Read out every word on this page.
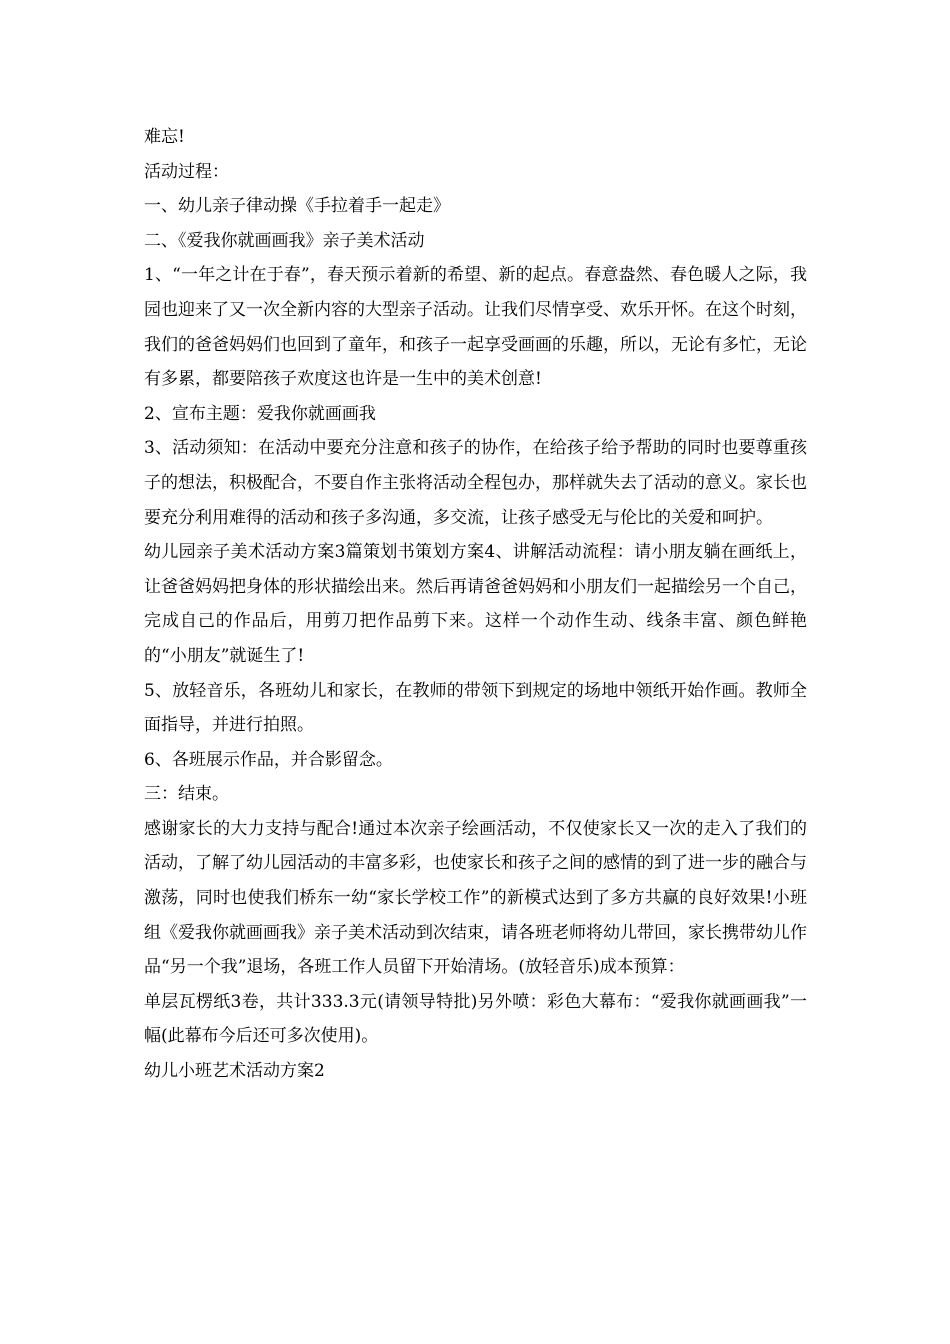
难忘!

活动过程：

一、幼儿亲子律动操《手拉着手一起走》

二、《爱我你就画画我》亲子美术活动

1、“一年之计在于春”，春天预示着新的希望、新的起点。春意盎然、春色暖人之际，我园也迎来了又一次全新内容的大型亲子活动。让我们尽情享受、欢乐开怀。在这个时刻，我们的爸爸妈妈们也回到了童年，和孩子一起享受画画的乐趣，所以，无论有多忙，无论有多累，都要陪孩子欢度这也许是一生中的美术创意!

2、宣布主题：爱我你就画画我

3、活动须知：在活动中要充分注意和孩子的协作，在给孩子给予帮助的同时也要尊重孩子的想法，积极配合，不要自作主张将活动全程包办，那样就失去了活动的意义。家长也要充分利用难得的活动和孩子多沟通，多交流，让孩子感受无与伦比的关爱和呵护。

幼儿园亲子美术活动方案3篇策划书策划方案4、讲解活动流程：请小朋友躺在画纸上，让爸爸妈妈把身体的形状描绘出来。然后再请爸爸妈妈和小朋友们一起描绘另一个自己，完成自己的作品后，用剪刀把作品剪下来。这样一个动作生动、线条丰富、颜色鲜艳的“小朋友”就诞生了!

5、放轻音乐，各班幼儿和家长，在教师的带领下到规定的场地中领纸开始作画。教师全面指导，并进行拍照。

6、各班展示作品，并合影留念。

三：结束。

感谢家长的大力支持与配合!通过本次亲子绘画活动，不仅使家长又一次的走入了我们的活动，了解了幼儿园活动的丰富多彩，也使家长和孩子之间的感情的到了进一步的融合与激荡，同时也使我们桥东一幼“家长学校工作”的新模式达到了多方共赢的良好效果!小班组《爱我你就画画我》亲子美术活动到次结束，请各班老师将幼儿带回，家长携带幼儿作品“另一个我”退场，各班工作人员留下开始清场。(放轻音乐)成本预算：

单层瓦楞纸3卷，共计333.3元(请领导特批)另外喷：彩色大幕布：“爱我你就画画我”一幅(此幕布今后还可多次使用)。

幼儿小班艺术活动方案2
